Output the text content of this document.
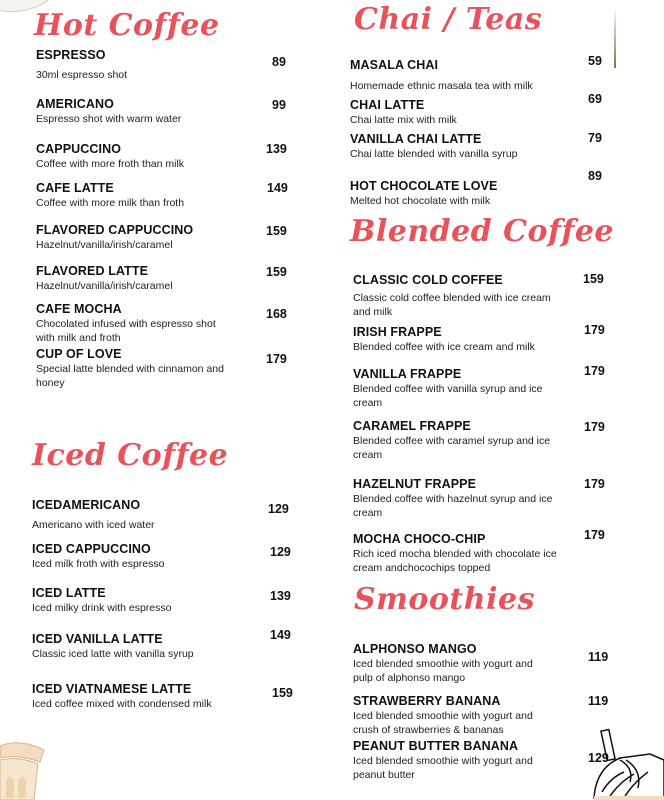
Hot Coffee
ESPRESSO
30ml espresso shot
89
AMERICANO
Espresso shot with warm water
99
CAPPUCCINO
Coffee with more froth than milk
139
CAFE LATTE
Coffee with more milk than froth
149
FLAVORED CAPPUCCINO
Hazelnut/vanilla/irish/caramel
159
FLAVORED LATTE
Hazelnut/vanilla/irish/caramel
159
CAFE MOCHA
Chocolated infused with espresso shot with milk and froth
168
CUP OF LOVE
Special latte blended with cinnamon and honey
179
Iced Coffee
ICEDAMERICANO
Americano with iced water
129
ICED CAPPUCCINO
Iced milk froth with espresso
129
ICED LATTE
Iced milky drink with espresso
139
ICED VANILLA LATTE
Classic iced latte with vanilla syrup
149
ICED VIATNAMESE LATTE
Iced coffee mixed with condensed milk
159
Chai / Teas
MASALA CHAI
Homemade ethnic masala tea with milk
59
CHAI LATTE
Chai latte mix with milk
69
VANILLA CHAI LATTE
Chai latte blended with vanilla syrup
79
HOT CHOCOLATE LOVE
Melted hot chocolate with milk
89
Blended Coffee
CLASSIC COLD COFFEE
Classic cold coffee blended with ice cream and milk
159
IRISH FRAPPE
Blended coffee with ice cream and milk
179
VANILLA FRAPPE
Blended coffee with vanilla syrup and ice cream
179
CARAMEL FRAPPE
Blended coffee with caramel syrup and ice cream
179
HAZELNUT FRAPPE
Blended coffee with hazelnut syrup and ice cream
179
MOCHA CHOCO-CHIP
Rich iced mocha blended with chocolate ice cream andchocochips topped
179
Smoothies
ALPHONSO MANGO
Iced blended smoothie with yogurt and pulp of alphonso mango
119
STRAWBERRY BANANA
Iced blended smoothie with yogurt and crush of strawberries & bananas
119
PEANUT BUTTER BANANA
Iced blended smoothie with yogurt and peanut butter
129
